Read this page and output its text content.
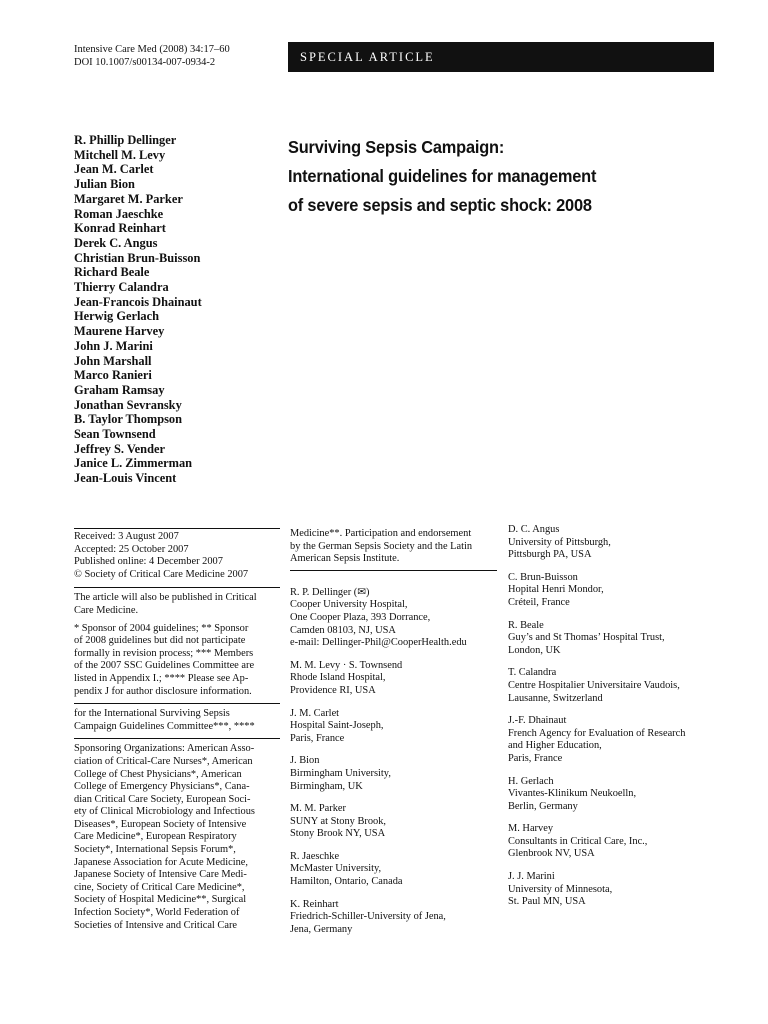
Intensive Care Med (2008) 34:17–60
DOI 10.1007/s00134-007-0934-2	SPECIAL ARTICLE
R. Phillip Dellinger
Mitchell M. Levy
Jean M. Carlet
Julian Bion
Margaret M. Parker
Roman Jaeschke
Konrad Reinhart
Derek C. Angus
Christian Brun-Buisson
Richard Beale
Thierry Calandra
Jean-Francois Dhainaut
Herwig Gerlach
Maurene Harvey
John J. Marini
John Marshall
Marco Ranieri
Graham Ramsay
Jonathan Sevransky
B. Taylor Thompson
Sean Townsend
Jeffrey S. Vender
Janice L. Zimmerman
Jean-Louis Vincent
Surviving Sepsis Campaign:
International guidelines for management
of severe sepsis and septic shock: 2008
Received: 3 August 2007
Accepted: 25 October 2007
Published online: 4 December 2007
© Society of Critical Care Medicine 2007
The article will also be published in Critical
Care Medicine.
* Sponsor of 2004 guidelines; ** Sponsor
of 2008 guidelines but did not participate
formally in revision process; *** Members
of the 2007 SSC Guidelines Committee are
listed in Appendix I.; **** Please see Ap-
pendix J for author disclosure information.
for the International Surviving Sepsis
Campaign Guidelines Committee***, ****
Sponsoring Organizations: American Asso-
ciation of Critical-Care Nurses*, American
College of Chest Physicians*, American
College of Emergency Physicians*, Cana-
dian Critical Care Society, European Soci-
ety of Clinical Microbiology and Infectious
Diseases*, European Society of Intensive
Care Medicine*, European Respiratory
Society*, International Sepsis Forum*,
Japanese Association for Acute Medicine,
Japanese Society of Intensive Care Medi-
cine, Society of Critical Care Medicine*,
Society of Hospital Medicine**, Surgical
Infection Society*, World Federation of
Societies of Intensive and Critical Care
Medicine**. Participation and endorsement
by the German Sepsis Society and the Latin
American Sepsis Institute.
R. P. Dellinger (✉)
Cooper University Hospital,
One Cooper Plaza, 393 Dorrance,
Camden 08103, NJ, USA
e-mail: Dellinger-Phil@CooperHealth.edu
M. M. Levy · S. Townsend
Rhode Island Hospital,
Providence RI, USA
J. M. Carlet
Hospital Saint-Joseph,
Paris, France
J. Bion
Birmingham University,
Birmingham, UK
M. M. Parker
SUNY at Stony Brook,
Stony Brook NY, USA
R. Jaeschke
McMaster University,
Hamilton, Ontario, Canada
K. Reinhart
Friedrich-Schiller-University of Jena,
Jena, Germany
D. C. Angus
University of Pittsburgh,
Pittsburgh PA, USA
C. Brun-Buisson
Hopital Henri Mondor,
Créteil, France
R. Beale
Guy’s and St Thomas’ Hospital Trust,
London, UK
T. Calandra
Centre Hospitalier Universitaire Vaudois,
Lausanne, Switzerland
J.-F. Dhainaut
French Agency for Evaluation of Research
and Higher Education,
Paris, France
H. Gerlach
Vivantes-Klinikum Neukoelln,
Berlin, Germany
M. Harvey
Consultants in Critical Care, Inc.,
Glenbrook NV, USA
J. J. Marini
University of Minnesota,
St. Paul MN, USA
